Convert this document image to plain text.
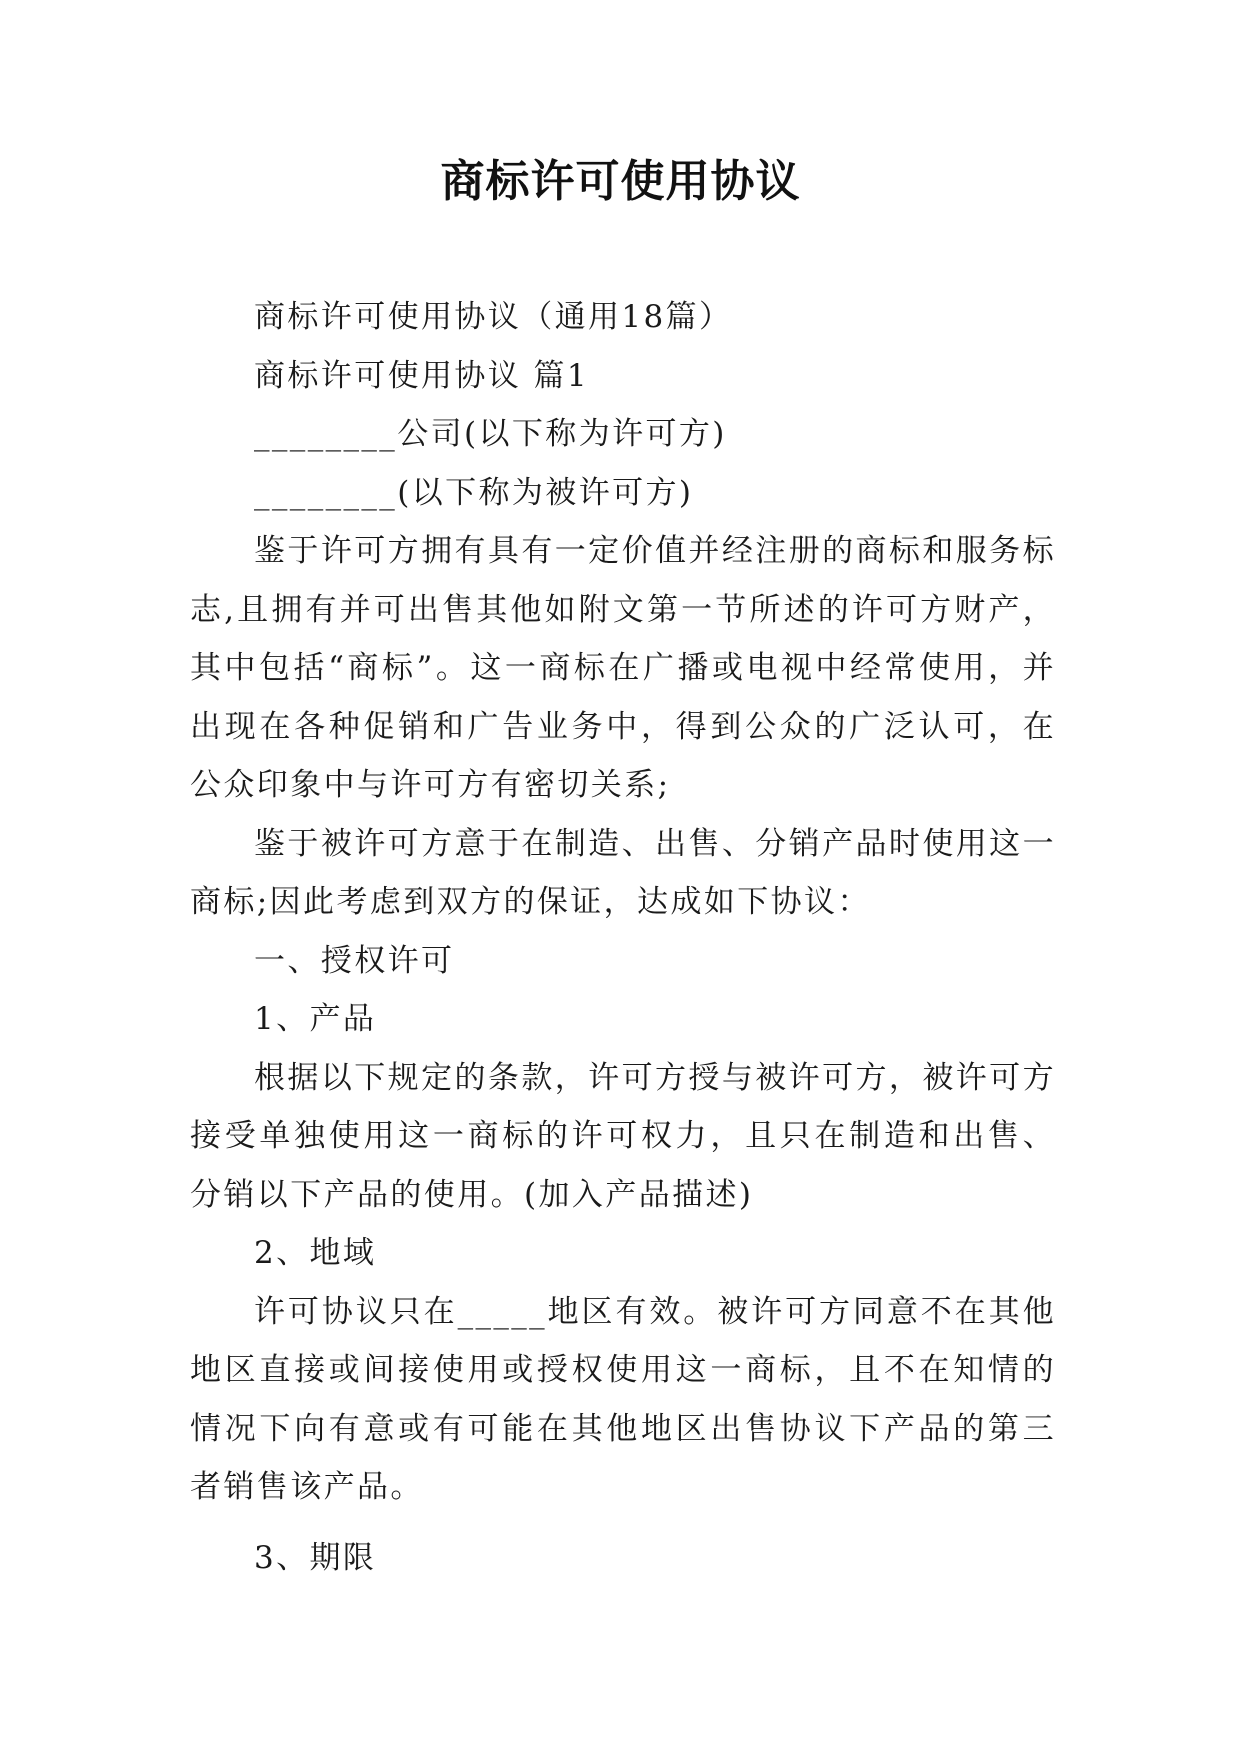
商标许可使用协议

商标许可使用协议（通用18篇）

商标许可使用协议 篇1

________公司(以下称为许可方)

________(以下称为被许可方)

鉴于许可方拥有具有一定价值并经注册的商标和服务标志,且拥有并可出售其他如附文第一节所述的许可方财产，其中包括“商标”。这一商标在广播或电视中经常使用，并出现在各种促销和广告业务中，得到公众的广泛认可，在公众印象中与许可方有密切关系;

鉴于被许可方意于在制造、出售、分销产品时使用这一商标;因此考虑到双方的保证，达成如下协议：

一、授权许可

1、产品

根据以下规定的条款，许可方授与被许可方，被许可方接受单独使用这一商标的许可权力，且只在制造和出售、分销以下产品的使用。(加入产品描述)

2、地域

许可协议只在_____地区有效。被许可方同意不在其他地区直接或间接使用或授权使用这一商标，且不在知情的情况下向有意或有可能在其他地区出售协议下产品的第三者销售该产品。

3、期限
